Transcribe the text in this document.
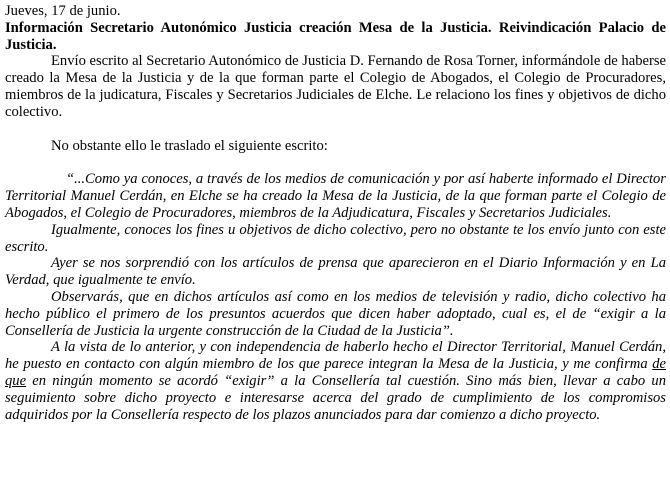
Jueves, 17 de junio.

Información Secretario Autonómico Justicia creación Mesa de la Justicia. Reivindicación Palacio de Justicia.

Envío escrito al Secretario Autonómico de Justicia D. Fernando de Rosa Torner, informándole de haberse creado la Mesa de la Justicia y de la que forman parte el Colegio de Abogados, el Colegio de Procuradores, miembros de la judicatura, Fiscales y Secretarios Judiciales de Elche. Le relaciono los fines y objetivos de dicho colectivo.

No obstante ello le traslado el siguiente escrito:

“...Como ya conoces, a través de los medios de comunicación y por así haberte informado el Director Territorial Manuel Cerdán, en Elche se ha creado la Mesa de la Justicia, de la que forman parte el Colegio de Abogados, el Colegio de Procuradores, miembros de la Adjudicatura, Fiscales y Secretarios Judiciales.

Igualmente, conoces los fines u objetivos de dicho colectivo, pero no obstante te los envío junto con este escrito.

Ayer se nos sorprendió con los artículos de prensa que aparecieron en el Diario Información y en La Verdad, que igualmente te envío.

Observarás, que en dichos artículos así como en los medios de televisión y radio, dicho colectivo ha hecho público el primero de los presuntos acuerdos que dicen haber adoptado, cual es, el de “exigir a la Consellería de Justicia la urgente construcción de la Ciudad de la Justicia”.

A la vista de lo anterior, y con independencia de haberlo hecho el Director Territorial, Manuel Cerdán, he puesto en contacto con algún miembro de los que parece integran la Mesa de la Justicia, y me confirma de que en ningún momento se acordó “exigir” a la Consellería tal cuestión. Sino más bien, llevar a cabo un seguimiento sobre dicho proyecto e interesarse acerca del grado de cumplimiento de los compromisos adquiridos por la Consellería respecto de los plazos anunciados para dar comienzo a dicho proyecto.
